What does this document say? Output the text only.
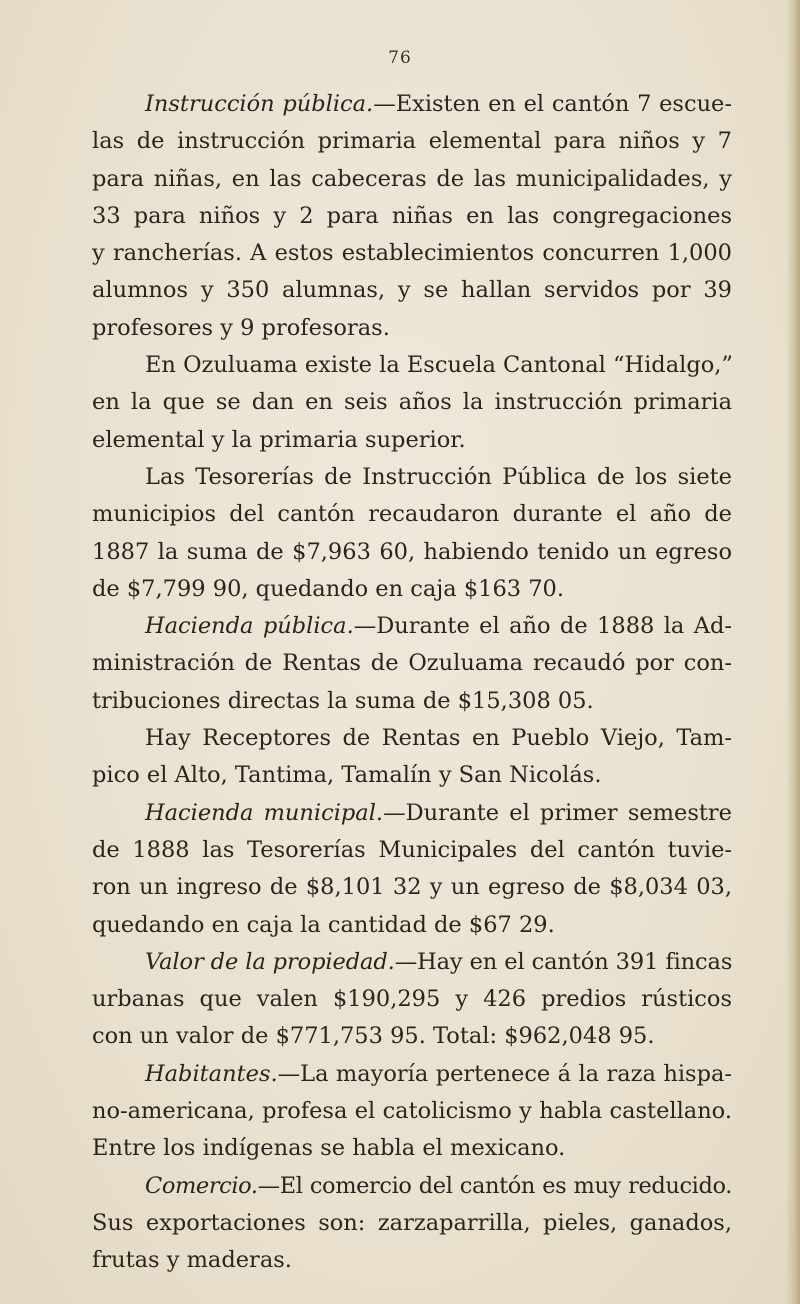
76
Instrucción pública.—Existen en el cantón 7 escue-
las de instrucción primaria elemental para niños y 7
para niñas, en las cabeceras de las municipalidades, y
33 para niños y 2 para niñas en las congregaciones
y rancherías. A estos establecimientos concurren 1,000
alumnos y 350 alumnas, y se hallan servidos por 39
profesores y 9 profesoras.
En Ozuluama existe la Escuela Cantonal “Hidalgo,”
en la que se dan en seis años la instrucción primaria
elemental y la primaria superior.
Las Tesorerías de Instrucción Pública de los siete
municipios del cantón recaudaron durante el año de
1887 la suma de $7,963 60, habiendo tenido un egreso
de $7,799 90, quedando en caja $163 70.
Hacienda pública.—Durante el año de 1888 la Ad-
ministración de Rentas de Ozuluama recaudó por con-
tribuciones directas la suma de $15,308 05.
Hay Receptores de Rentas en Pueblo Viejo, Tam-
pico el Alto, Tantima, Tamalín y San Nicolás.
Hacienda municipal.—Durante el primer semestre
de 1888 las Tesorerías Municipales del cantón tuvie-
ron un ingreso de $8,101 32 y un egreso de $8,034 03,
quedando en caja la cantidad de $67 29.
Valor de la propiedad.—Hay en el cantón 391 fincas
urbanas que valen $190,295 y 426 predios rústicos
con un valor de $771,753 95. Total: $962,048 95.
Habitantes.—La mayoría pertenece á la raza hispa-
no-americana, profesa el catolicismo y habla castellano.
Entre los indígenas se habla el mexicano.
Comercio.—El comercio del cantón es muy reducido.
Sus exportaciones son: zarzaparrilla, pieles, ganados,
frutas y maderas.
